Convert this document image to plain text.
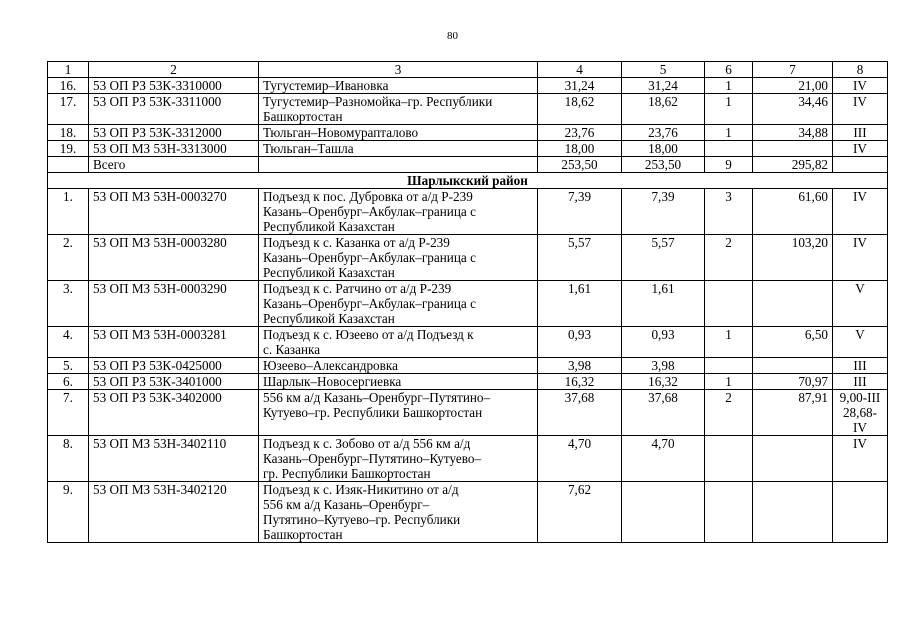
80
1	2	3	4	5	6	7	8
16.	53 ОП РЗ 53К-3310000	Тугустемир–Ивановка	31,24	31,24	1	21,00	IV
17.	53 ОП РЗ 53К-3311000	Тугустемир–Разномойка–гр. Республики
Башкортостан	18,62	18,62	1	34,46	IV
18.	53 ОП РЗ 53К-3312000	Тюльган–Новомурапталово	23,76	23,76	1	34,88	III
19.	53 ОП МЗ 53Н-3313000	Тюльган–Ташла	18,00	18,00			IV
	Всего		253,50	253,50	9	295,82	
Шарлыкский район							
1.	53 ОП МЗ 53Н-0003270	Подъезд к пос. Дубровка от а/д Р-239
Казань–Оренбург–Акбулак–граница с
Республикой Казахстан	7,39	7,39	3	61,60	IV
2.	53 ОП МЗ 53Н-0003280	Подъезд к с. Казанка от а/д Р-239
Казань–Оренбург–Акбулак–граница с
Республикой Казахстан	5,57	5,57	2	103,20	IV
3.	53 ОП МЗ 53Н-0003290	Подъезд к с. Ратчино от а/д Р-239
Казань–Оренбург–Акбулак–граница с
Республикой Казахстан	1,61	1,61			V
4.	53 ОП МЗ 53Н-0003281	Подъезд к с. Юзеево от а/д Подъезд к
с. Казанка	0,93	0,93	1	6,50	V
5.	53 ОП РЗ 53К-0425000	Юзеево–Александровка	3,98	3,98			III
6.	53 ОП РЗ 53К-3401000	Шарлык–Новосергиевка	16,32	16,32	1	70,97	III
7.	53 ОП РЗ 53К-3402000	556 км а/д Казань–Оренбург–Путятино–
Кутуево–гр. Республики Башкортостан	37,68	37,68	2	87,91	9,00-III
28,68-IV
8.	53 ОП МЗ 53Н-3402110	Подъезд к с. Зобово от а/д 556 км а/д
Казань–Оренбург–Путятино–Кутуево–
гр. Республики Башкортостан	4,70	4,70			IV
9.	53 ОП МЗ 53Н-3402120	Подъезд к с. Изяк-Никитино от а/д
556 км а/д Казань–Оренбург–
Путятино–Кутуево–гр. Республики
Башкортостан	7,62				
